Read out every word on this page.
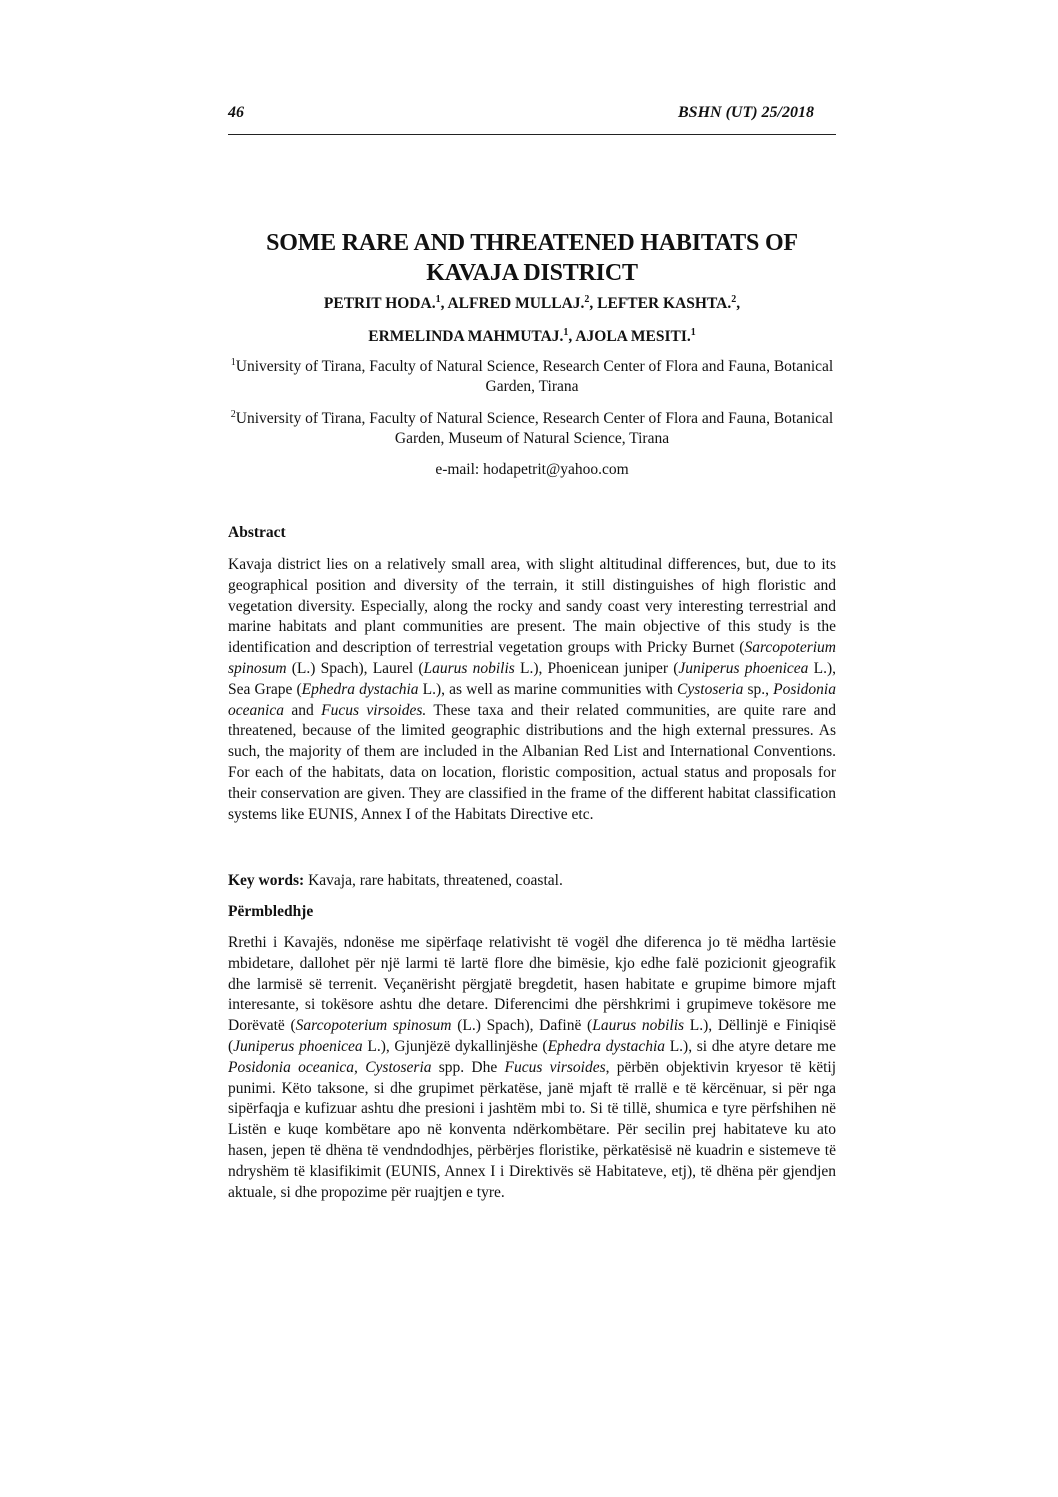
46	BSHN (UT) 25/2018
SOME RARE AND THREATENED HABITATS OF KAVAJA DISTRICT
PETRIT HODA.$^1$, ALFRED MULLAJ.$^2$, LEFTER KASHTA.$^2$,
ERMELINDA MAHMUTAJ.$^1$, AJOLA MESITI.$^1$
$^1$University of Tirana, Faculty of Natural Science, Research Center of Flora and Fauna, Botanical Garden, Tirana
$^2$University of Tirana, Faculty of Natural Science, Research Center of Flora and Fauna, Botanical Garden, Museum of Natural Science, Tirana
e-mail: hodapetrit@yahoo.com
Abstract
Kavaja district lies on a relatively small area, with slight altitudinal differences, but, due to its geographical position and diversity of the terrain, it still distinguishes of high floristic and vegetation diversity. Especially, along the rocky and sandy coast very interesting terrestrial and marine habitats and plant communities are present. The main objective of this study is the identification and description of terrestrial vegetation groups with Pricky Burnet (Sarcopoterium spinosum (L.) Spach), Laurel (Laurus nobilis L.), Phoenicean juniper (Juniperus phoenicea L.), Sea Grape (Ephedra dystachia L.), as well as marine communities with Cystoseria sp., Posidonia oceanica and Fucus virsoides. These taxa and their related communities, are quite rare and threatened, because of the limited geographic distributions and the high external pressures. As such, the majority of them are included in the Albanian Red List and International Conventions. For each of the habitats, data on location, floristic composition, actual status and proposals for their conservation are given. They are classified in the frame of the different habitat classification systems like EUNIS, Annex I of the Habitats Directive etc.
Key words: Kavaja, rare habitats, threatened, coastal.
Përmbledhje
Rrethi i Kavajës, ndonëse me sipërfaqe relativisht të vogël dhe diferenca jo të mëdha lartësie mbidetare, dallohet për një larmi të lartë flore dhe bimësie, kjo edhe falë pozicionit gjeografik dhe larmisë së terrenit. Veçanërisht përgjatë bregdetit, hasen habitate e grupime bimore mjaft interesante, si tokësore ashtu dhe detare. Diferencimi dhe përshkrimi i grupimeve tokësore me Dorëvatë (Sarcopoterium spinosum (L.) Spach), Dafinë (Laurus nobilis L.), Dëllinjë e Finiqisë (Juniperus phoenicea L.), Gjunjëzë dykallinjëshe (Ephedra dystachia L.), si dhe atyre detare me Posidonia oceanica, Cystoseria spp. Dhe Fucus virsoides, përbën objektivin kryesor të këtij punimi. Këto taksone, si dhe grupimet përkatëse, janë mjaft të rrallë e të kërcënuar, si për nga sipërfaqja e kufizuar ashtu dhe presioni i jashtëm mbi to. Si të tillë, shumica e tyre përfshihen në Listën e kuqe kombëtare apo në konventa ndërkombëtare. Për secilin prej habitateve ku ato hasen, jepen të dhëna të vendndodhjes, përbërjes floristike, përkatësisë në kuadrin e sistemeve të ndryshëm të klasifikimit (EUNIS, Annex I i Direktivës së Habitateve, etj), të dhëna për gjendjen aktuale, si dhe propozime për ruajtjen e tyre.
